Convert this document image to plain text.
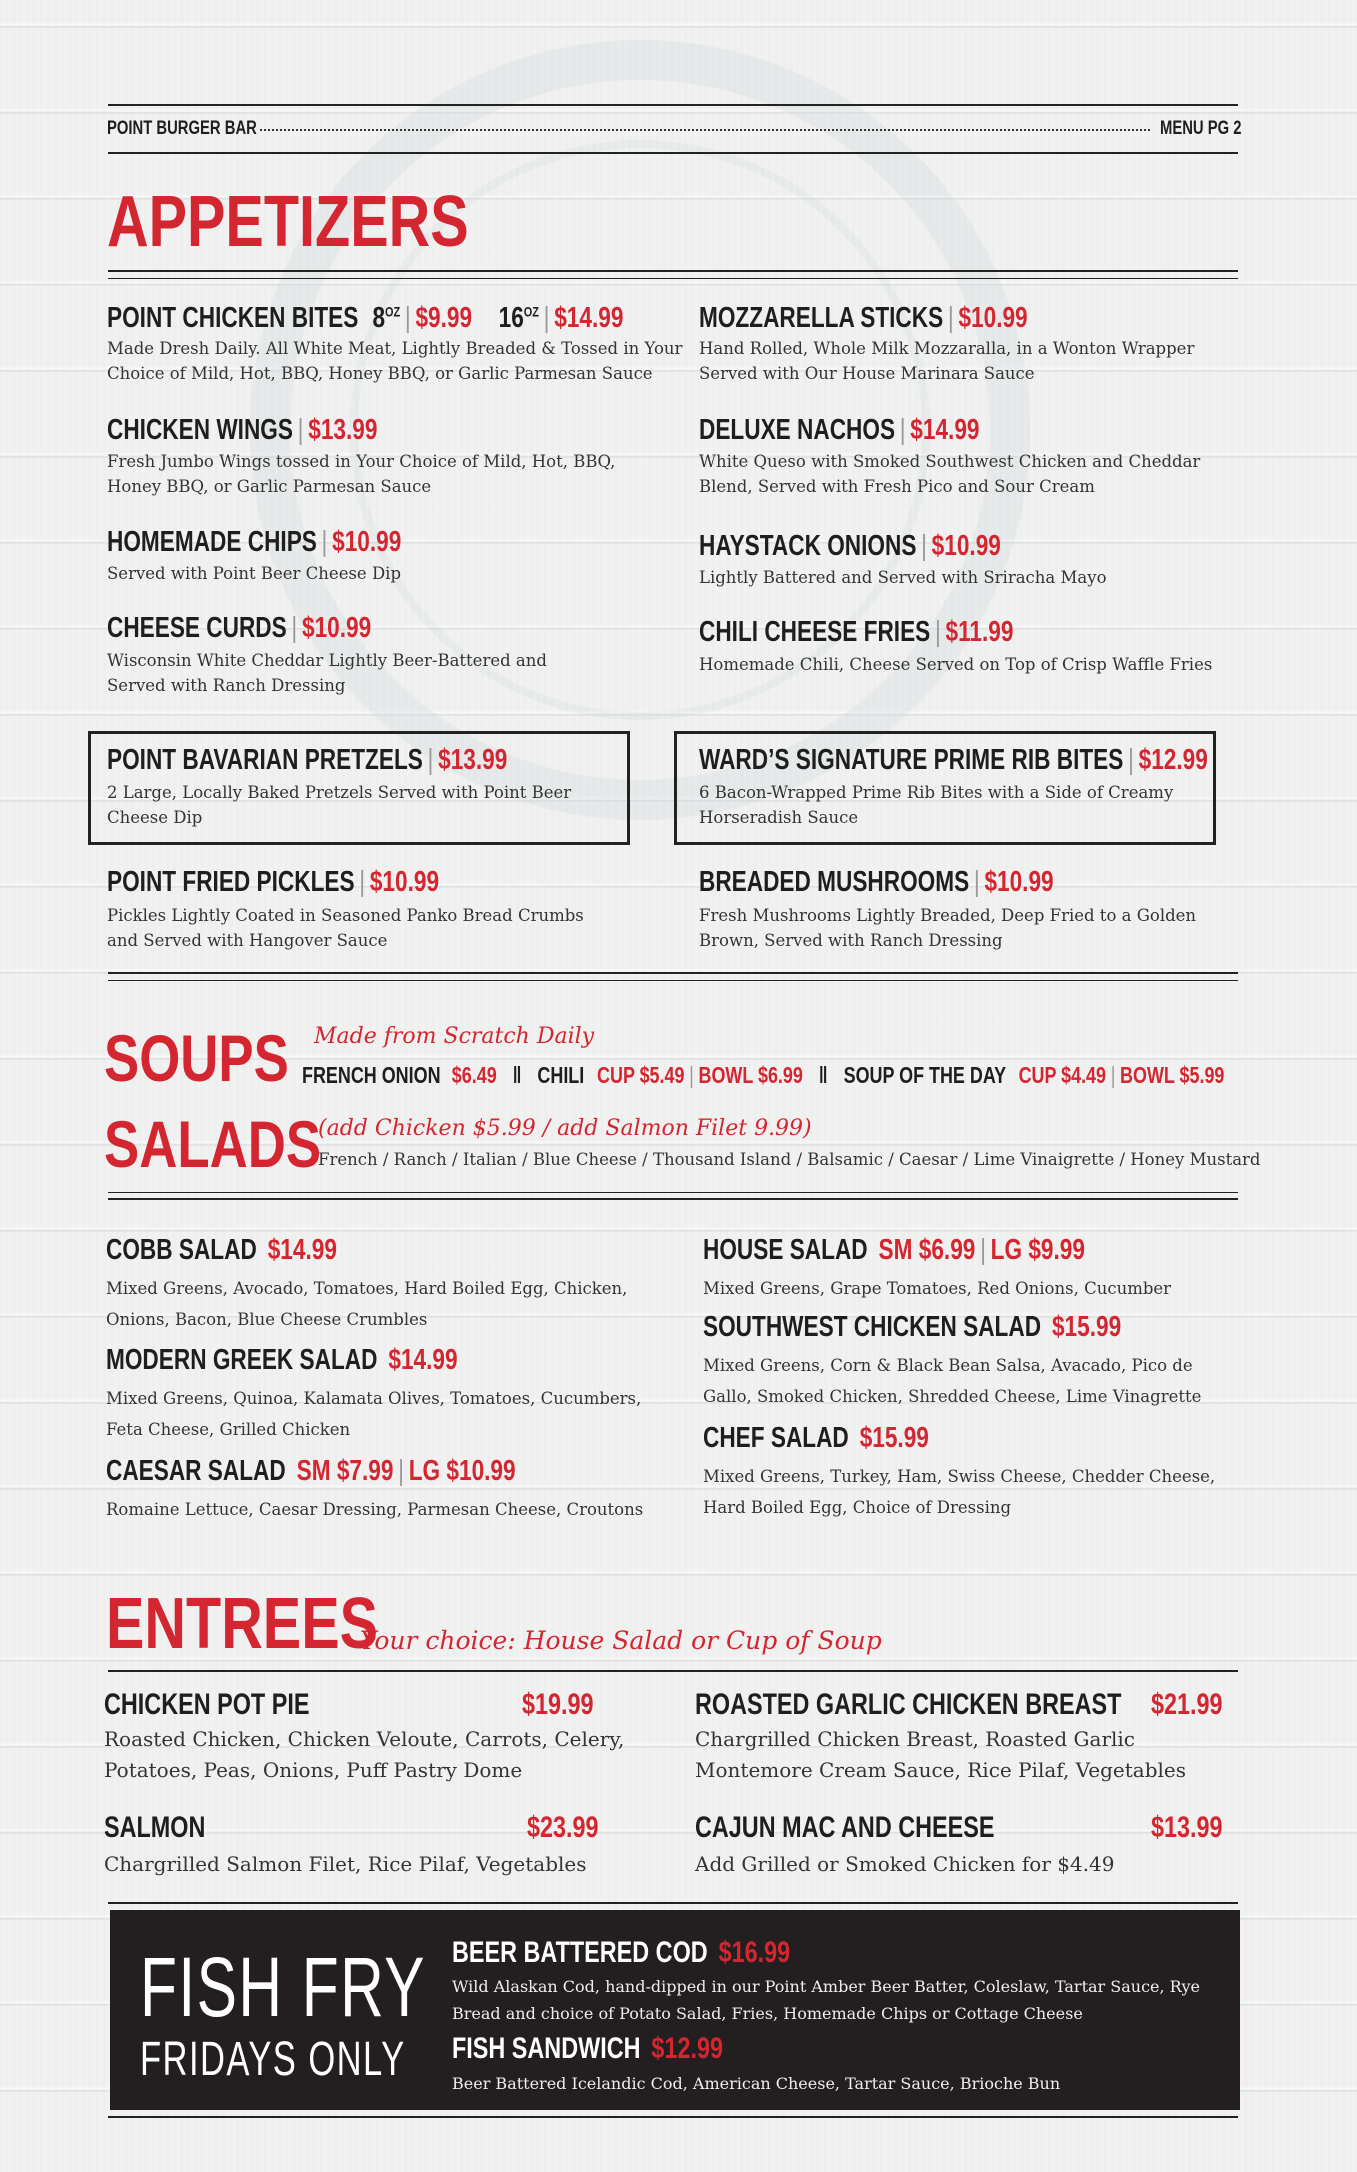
POINT BURGER BAR	MENU PG 2
APPETIZERS
POINT CHICKEN BITES $8^{OZ}$ | $9.99 $16^{OZ}$ | $14.99
Made Dresh Daily. All White Meat, Lightly Breaded & Tossed in Your
Choice of Mild, Hot, BBQ, Honey BBQ, or Garlic Parmesan Sauce
MOZZARELLA STICKS | $10.99
Hand Rolled, Whole Milk Mozzaralla, in a Wonton Wrapper
Served with Our House Marinara Sauce
CHICKEN WINGS | $13.99
Fresh Jumbo Wings tossed in Your Choice of Mild, Hot, BBQ,
Honey BBQ, or Garlic Parmesan Sauce
DELUXE NACHOS | $14.99
White Queso with Smoked Southwest Chicken and Cheddar
Blend, Served with Fresh Pico and Sour Cream
HOMEMADE CHIPS | $10.99
Served with Point Beer Cheese Dip
HAYSTACK ONIONS | $10.99
Lightly Battered and Served with Sriracha Mayo
CHEESE CURDS | $10.99
Wisconsin White Cheddar Lightly Beer-Battered and
Served with Ranch Dressing
CHILI CHEESE FRIES | $11.99
Homemade Chili, Cheese Served on Top of Crisp Waffle Fries
POINT BAVARIAN PRETZELS | $13.99
2 Large, Locally Baked Pretzels Served with Point Beer
Cheese Dip
WARD’S SIGNATURE PRIME RIB BITES | $12.99
6 Bacon-Wrapped Prime Rib Bites with a Side of Creamy
Horseradish Sauce
POINT FRIED PICKLES | $10.99
Pickles Lightly Coated in Seasoned Panko Bread Crumbs
and Served with Hangover Sauce
BREADED MUSHROOMS | $10.99
Fresh Mushrooms Lightly Breaded, Deep Fried to a Golden
Brown, Served with Ranch Dressing
SOUPS Made from Scratch Daily
FRENCH ONION $6.49 ‖ CHILI CUP $5.49 | BOWL $6.99 ‖ SOUP OF THE DAY CUP $4.49 | BOWL $5.99
SALADS
(add Chicken $5.99 / add Salmon Filet 9.99)
French / Ranch / Italian / Blue Cheese / Thousand Island / Balsamic / Caesar / Lime Vinaigrette / Honey Mustard
COBB SALAD $14.99
Mixed Greens, Avocado, Tomatoes, Hard Boiled Egg, Chicken,
Onions, Bacon, Blue Cheese Crumbles
HOUSE SALAD SM $6.99 | LG $9.99
Mixed Greens, Grape Tomatoes, Red Onions, Cucumber
MODERN GREEK SALAD $14.99
Mixed Greens, Quinoa, Kalamata Olives, Tomatoes, Cucumbers,
Feta Cheese, Grilled Chicken
SOUTHWEST CHICKEN SALAD $15.99
Mixed Greens, Corn & Black Bean Salsa, Avacado, Pico de
Gallo, Smoked Chicken, Shredded Cheese, Lime Vinagrette
CAESAR SALAD SM $7.99 | LG $10.99
Romaine Lettuce, Caesar Dressing, Parmesan Cheese, Croutons
CHEF SALAD $15.99
Mixed Greens, Turkey, Ham, Swiss Cheese, Chedder Cheese,
Hard Boiled Egg, Choice of Dressing
ENTREES
Your choice: House Salad or Cup of Soup
CHICKEN POT PIE	$19.99
Roasted Chicken, Chicken Veloute, Carrots, Celery,
Potatoes, Peas, Onions, Puff Pastry Dome
ROASTED GARLIC CHICKEN BREAST $21.99
Chargrilled Chicken Breast, Roasted Garlic
Montemore Cream Sauce, Rice Pilaf, Vegetables
SALMON	$23.99
Chargrilled Salmon Filet, Rice Pilaf, Vegetables
CAJUN MAC AND CHEESE	$13.99
Add Grilled or Smoked Chicken for $4.49
FISH FRY
FRIDAYS ONLY
BEER BATTERED COD $16.99
Wild Alaskan Cod, hand-dipped in our Point Amber Beer Batter, Coleslaw, Tartar Sauce, Rye
Bread and choice of Potato Salad, Fries, Homemade Chips or Cottage Cheese
FISH SANDWICH $12.99
Beer Battered Icelandic Cod, American Cheese, Tartar Sauce, Brioche Bun
